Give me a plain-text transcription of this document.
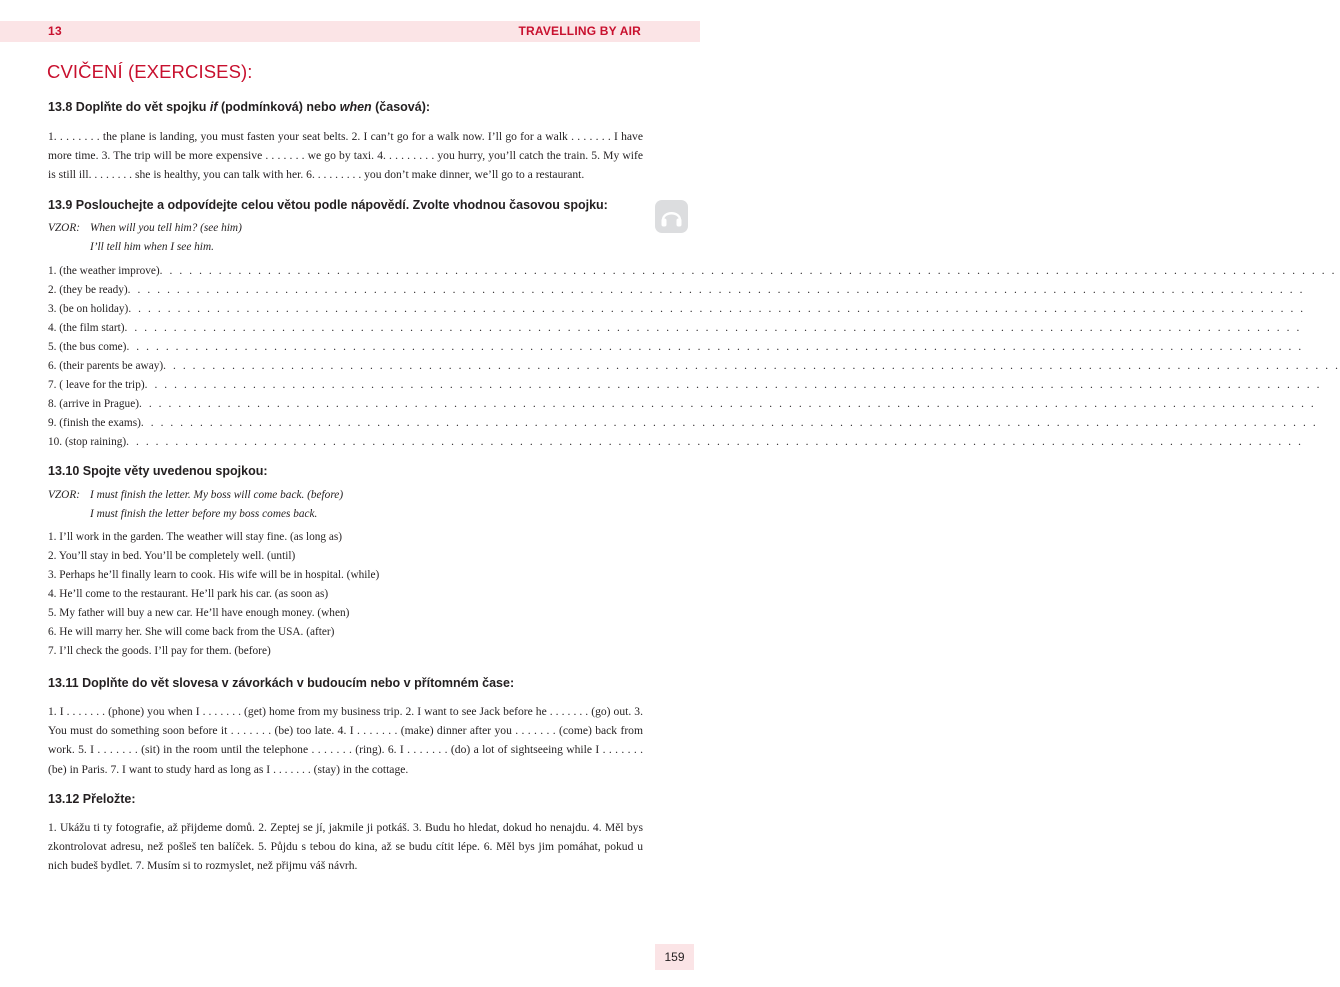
13	TRAVELLING BY AIR
CVIČENÍ (EXERCISES):
13.8 Doplňte do vět spojku if (podmínková) nebo when (časová):
1. . . . . . . . the plane is landing, you must fasten your seat belts. 2. I can’t go for a walk now. I’ll go for a walk . . . . . . . I have more time. 3. The trip will be more expensive . . . . . . . we go by taxi. 4. . . . . . . . . you hurry, you’ll catch the train. 5. My wife is still ill. . . . . . . . she is healthy, you can talk with her. 6. . . . . . . . . you don’t make dinner, we’ll go to a restaurant.
13.9 Poslouchejte a odpovídejte celou větou podle nápovědí. Zvolte vhodnou časovou spojku:
VZOR: When will you tell him? (see him)
I’ll tell him when I see him.
1. (the weather improve) . . . . . . . . . . . . . . . . . . . . . . . . . . . . . . . . . . . . . . . . . . . . . . . . . . . . . . . . . . . . . . . . . . . . . . . . . . . . . . . . . . . . . . . . . . . . . . . . . . . . . . . . . . . . . . . . . . . . . . . .
2. (they be ready) . . . . . . . . . . . . . . . . . . . . . . . . . . . . . . . . . . . . . . . . . . . . . . . . . . . . . . . . . . . . . . . . . . . . . . . . . . . . . . . . . . . . . . . . . . . . . . . . . . . . . . . . . . . . . . . . . . . . . . . .
3. (be on holiday) . . . . . . . . . . . . . . . . . . . . . . . . . . . . . . . . . . . . . . . . . . . . . . . . . . . . . . . . . . . . . . . . . . . . . . . . . . . . . . . . . . . . . . . . . . . . . . . . . . . . . . . . . . . . . . . . . . . . . . . .
4. (the film start) . . . . . . . . . . . . . . . . . . . . . . . . . . . . . . . . . . . . . . . . . . . . . . . . . . . . . . . . . . . . . . . . . . . . . . . . . . . . . . . . . . . . . . . . . . . . . . . . . . . . . . . . . . . . . . . . . . . . . . . .
5. (the bus come) . . . . . . . . . . . . . . . . . . . . . . . . . . . . . . . . . . . . . . . . . . . . . . . . . . . . . . . . . . . . . . . . . . . . . . . . . . . . . . . . . . . . . . . . . . . . . . . . . . . . . . . . . . . . . . . . . . . . . . . .
6. (their parents be away) . . . . . . . . . . . . . . . . . . . . . . . . . . . . . . . . . . . . . . . . . . . . . . . . . . . . . . . . . . . . . . . . . . . . . . . . . . . . . . . . . . . . . . . . . . . . . . . . . . . . . . . . . . . . . . . . . . . . . . . .
7. ( leave for the trip) . . . . . . . . . . . . . . . . . . . . . . . . . . . . . . . . . . . . . . . . . . . . . . . . . . . . . . . . . . . . . . . . . . . . . . . . . . . . . . . . . . . . . . . . . . . . . . . . . . . . . . . . . . . . . . . . . . . . . . . .
8. (arrive in Prague) . . . . . . . . . . . . . . . . . . . . . . . . . . . . . . . . . . . . . . . . . . . . . . . . . . . . . . . . . . . . . . . . . . . . . . . . . . . . . . . . . . . . . . . . . . . . . . . . . . . . . . . . . . . . . . . . . . . . . . . .
9. (finish the exams) . . . . . . . . . . . . . . . . . . . . . . . . . . . . . . . . . . . . . . . . . . . . . . . . . . . . . . . . . . . . . . . . . . . . . . . . . . . . . . . . . . . . . . . . . . . . . . . . . . . . . . . . . . . . . . . . . . . . . . . .
10. (stop raining) . . . . . . . . . . . . . . . . . . . . . . . . . . . . . . . . . . . . . . . . . . . . . . . . . . . . . . . . . . . . . . . . . . . . . . . . . . . . . . . . . . . . . . . . . . . . . . . . . . . . . . . . . . . . . . . . . . . . . . . .
13.10 Spojte věty uvedenou spojkou:
VZOR: I must finish the letter. My boss will come back. (before)
I must finish the letter before my boss comes back.
1. I’ll work in the garden. The weather will stay fine. (as long as)
2. You’ll stay in bed. You’ll be completely well. (until)
3. Perhaps he’ll finally learn to cook. His wife will be in hospital. (while)
4. He’ll come to the restaurant. He’ll park his car. (as soon as)
5. My father will buy a new car. He’ll have enough money. (when)
6. He will marry her. She will come back from the USA. (after)
7. I’ll check the goods. I’ll pay for them. (before)
13.11 Doplňte do vět slovesa v závorkách v budoucím nebo v přítomném čase:
1. I . . . . . . . (phone) you when I . . . . . . . (get) home from my business trip. 2. I want to see Jack before he . . . . . . . (go) out. 3. You must do something soon before it . . . . . . . (be) too late. 4. I . . . . . . . (make) dinner after you . . . . . . . (come) back from work. 5. I . . . . . . . (sit) in the room until the telephone . . . . . . . (ring). 6. I . . . . . . . (do) a lot of sightseeing while I . . . . . . . (be) in Paris. 7. I want to study hard as long as I . . . . . . . (stay) in the cottage.
13.12 Přeložte:
1. Ukážu ti ty fotografie, až přijdeme domů. 2. Zeptej se jí, jakmile ji potkáš. 3. Budu ho hledat, dokud ho nenajdu. 4. Měl bys zkontrolovat adresu, než pošleš ten balíček. 5. Půjdu s tebou do kina, až se budu cítit lépe. 6. Měl bys jim pomáhat, pokud u nich budeš bydlet. 7. Musím si to rozmyslet, než přijmu váš návrh.
159
